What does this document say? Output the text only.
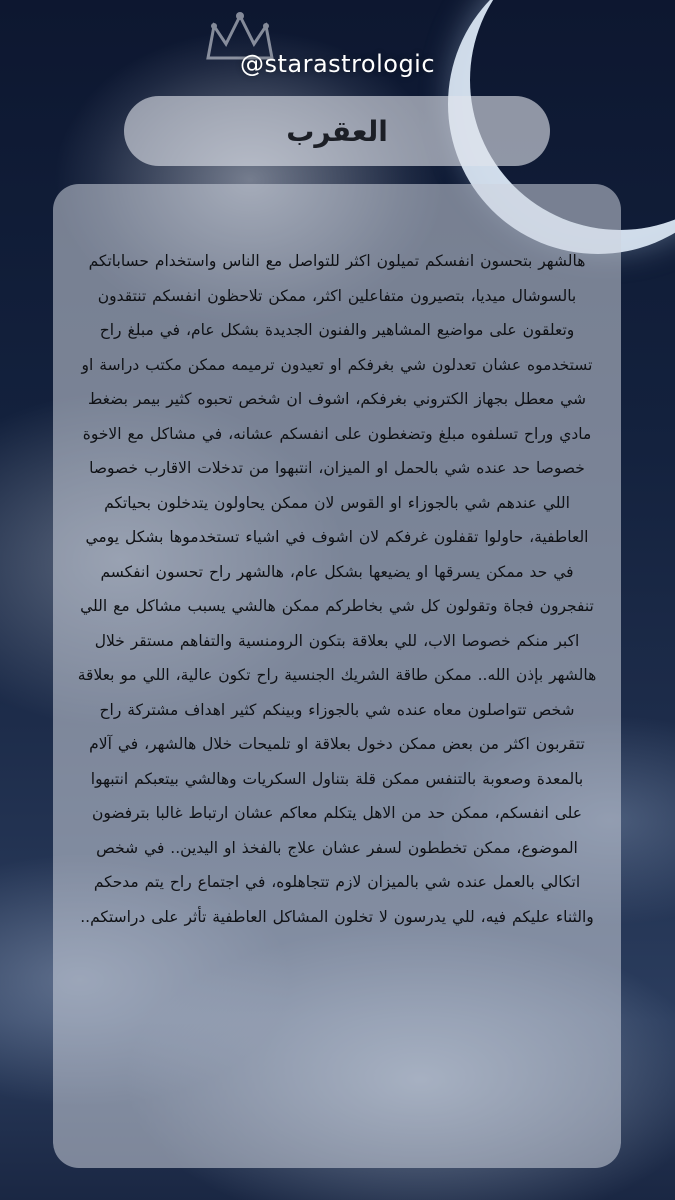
@starastrologic
العقرب

هالشهر بتحسون انفسكم تميلون اكثر للتواصل مع الناس واستخدام حساباتكم بالسوشال ميديا، بتصيرون متفاعلين اكثر، ممكن تلاحظون انفسكم تنتقدون وتعلقون على مواضيع المشاهير والفنون الجديدة بشكل عام، في مبلغ راح تستخدموه عشان تعدلون شي بغرفكم او تعيدون ترميمه ممكن مكتب دراسة او شي معطل بجهاز الكتروني بغرفكم، اشوف ان شخص تحبوه كثير بيمر بضغط مادي وراح تسلفوه مبلغ وتضغطون على انفسكم عشانه، في مشاكل مع الاخوة خصوصا حد عنده شي بالحمل او الميزان، انتبهوا من تدخلات الاقارب خصوصا اللي عندهم شي بالجوزاء او القوس لان ممكن يحاولون يتدخلون بحياتكم العاطفية، حاولوا تقفلون غرفكم لان اشوف في اشياء تستخدموها بشكل يومي في حد ممكن يسرقها او يضيعها بشكل عام، هالشهر راح تحسون انفكسم تنفجرون فجاة وتقولون كل شي بخاطركم ممكن هالشي يسبب مشاكل مع اللي اكبر منكم خصوصا الاب، للي بعلاقة بتكون الرومنسية والتفاهم مستقر خلال هالشهر بإذن الله.. ممكن طاقة الشريك الجنسية راح تكون عالية، اللي مو بعلاقة شخص تتواصلون معاه عنده شي بالجوزاء وبينكم كثير اهداف مشتركة راح تتقربون اكثر من بعض ممكن دخول بعلاقة او تلميحات خلال هالشهر، في آلام بالمعدة وصعوبة بالتنفس ممكن قلة بتناول السكريات وهالشي بيتعبكم انتبهوا على انفسكم، ممكن حد من الاهل يتكلم معاكم عشان ارتباط غالبا بترفضون الموضوع، ممكن تخططون لسفر عشان علاج بالفخذ او اليدين.. في شخص اتكالي بالعمل عنده شي بالميزان لازم تتجاهلوه، في اجتماع راح يتم مدحكم والثناء عليكم فيه، للي يدرسون لا تخلون المشاكل العاطفية تأثر على دراستكم..
